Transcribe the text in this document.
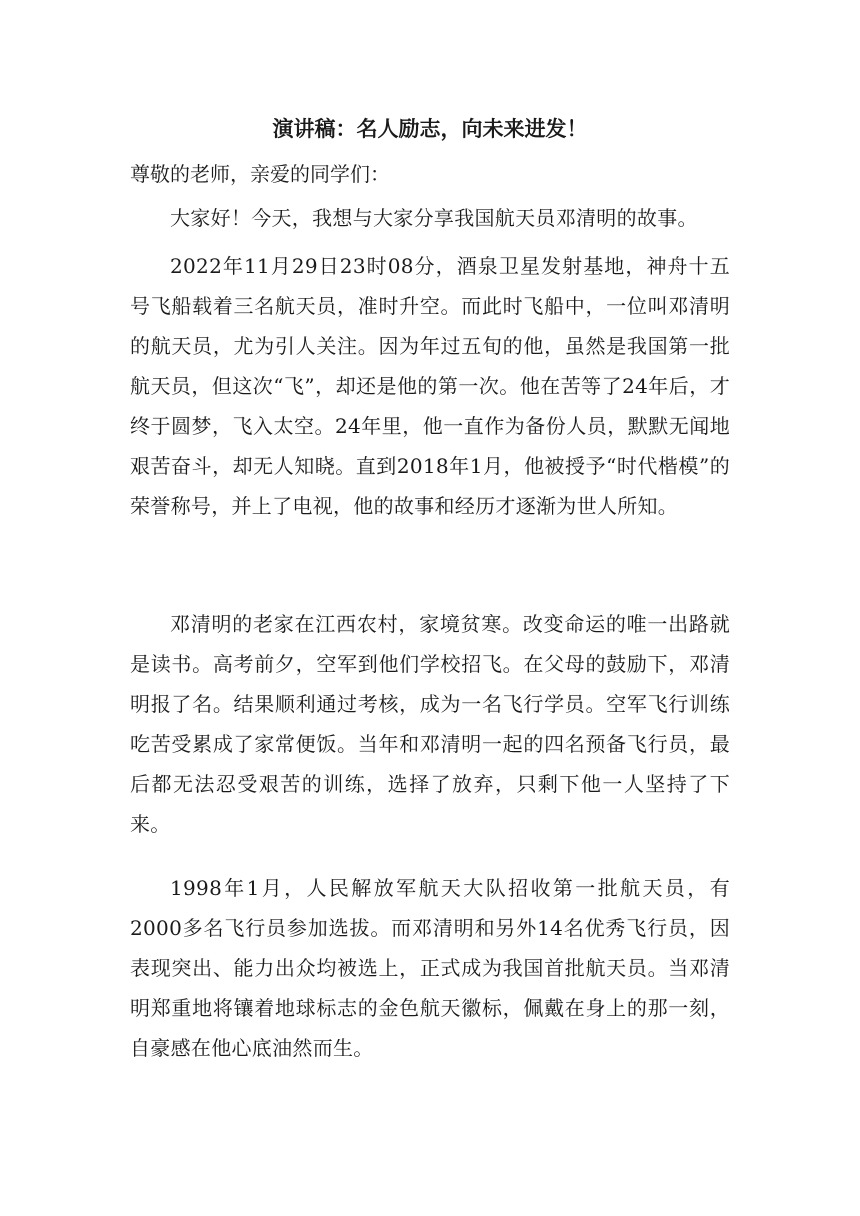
演讲稿：名人励志，向未来进发！

尊敬的老师，亲爱的同学们：

大家好！今天，我想与大家分享我国航天员邓清明的故事。

2022年11月29日23时08分，酒泉卫星发射基地，神舟十五号飞船载着三名航天员，准时升空。而此时飞船中，一位叫邓清明的航天员，尤为引人关注。因为年过五旬的他，虽然是我国第一批航天员，但这次“飞”，却还是他的第一次。他在苦等了24年后，才终于圆梦，飞入太空。24年里，他一直作为备份人员，默默无闻地艰苦奋斗，却无人知晓。直到2018年1月，他被授予“时代楷模”的荣誉称号，并上了电视，他的故事和经历才逐渐为世人所知。

邓清明的老家在江西农村，家境贫寒。改变命运的唯一出路就是读书。高考前夕，空军到他们学校招飞。在父母的鼓励下，邓清明报了名。结果顺利通过考核，成为一名飞行学员。空军飞行训练吃苦受累成了家常便饭。当年和邓清明一起的四名预备飞行员，最后都无法忍受艰苦的训练，选择了放弃，只剩下他一人坚持了下来。

1998年1月，人民解放军航天大队招收第一批航天员，有2000多名飞行员参加选拔。而邓清明和另外14名优秀飞行员，因表现突出、能力出众均被选上，正式成为我国首批航天员。当邓清明郑重地将镶着地球标志的金色航天徽标，佩戴在身上的那一刻，自豪感在他心底油然而生。
